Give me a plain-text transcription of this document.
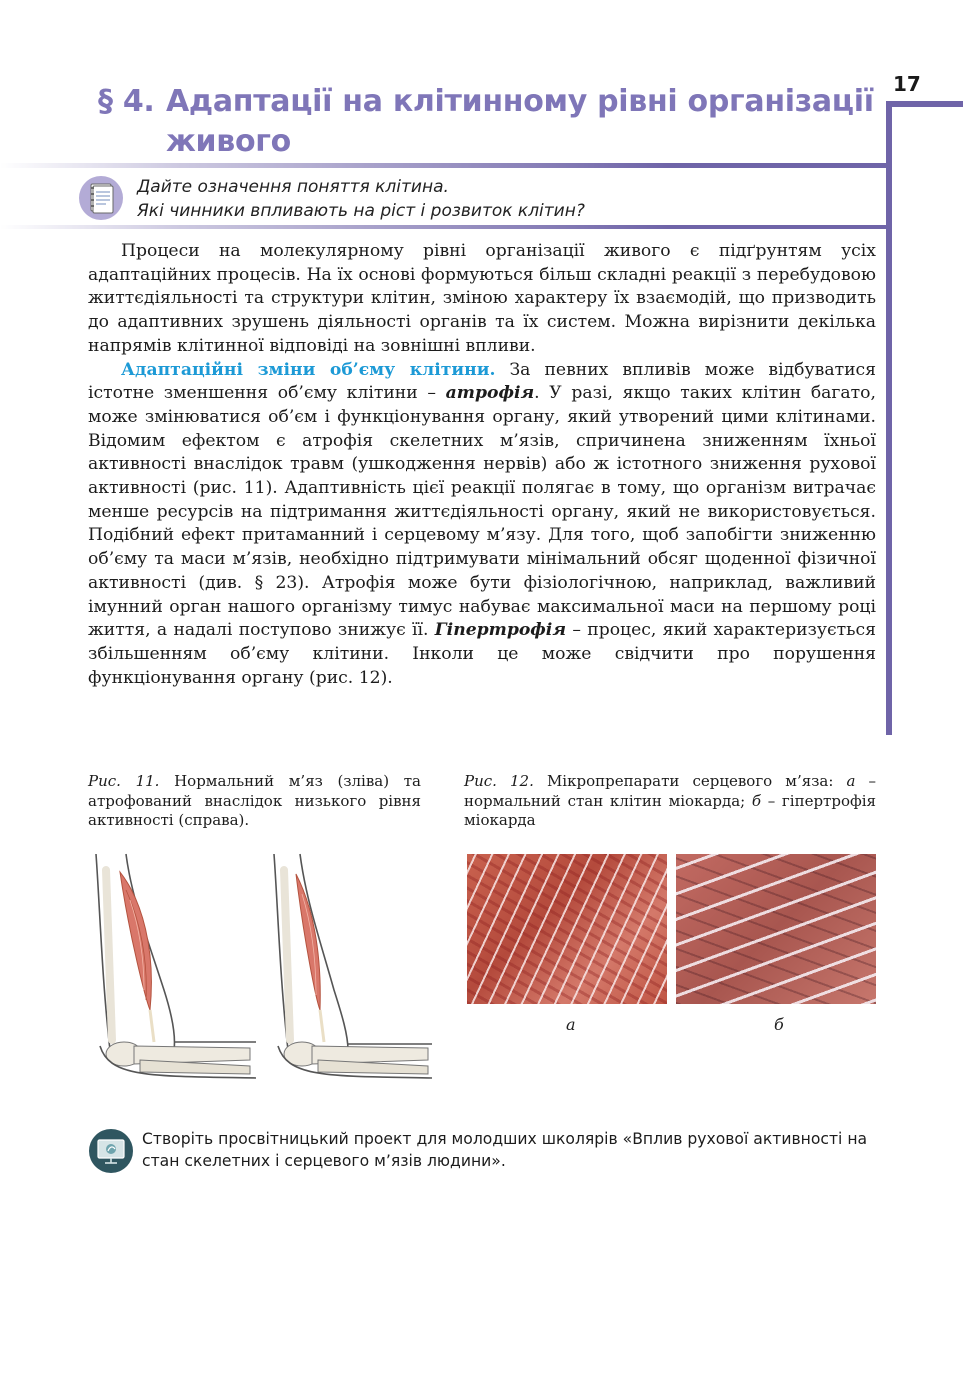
17
§ 4. Адаптації на клітинному рівні організації
живого
Дайте означення поняття клітина.
Які чинники впливають на ріст і розвиток клітин?

Процеси на молекулярному рівні організації живого є підґрунтям усіх адаптаційних процесів. На їх основі формуються більш складні реакції з перебудовою життєдіяльності та структури клітин, зміною характеру їх взаємодій, що призводить до адаптивних зрушень діяльності органів та їх систем. Можна вирізнити декілька напрямів клітинної відповіді на зовнішні впливи.

Адаптаційні зміни об’єму клітини. За певних впливів може відбуватися істотне зменшення об’єму клітини – атрофія. У разі, якщо таких клітин багато, може змінюватися об’єм і функціонування органу, який утворений цими клітинами. Відомим ефектом є атрофія скелетних м’язів, спричинена зниженням їхньої активності внаслідок травм (ушкодження нервів) або ж істотного зниження рухової активності (рис. 11). Адаптивність цієї реакції полягає в тому, що організм витрачає менше ресурсів на підтримання життєдіяльності органу, який не використовується. Подібний ефект притаманний і серцевому м’язу. Для того, щоб запобігти зниженню об’єму та маси м’язів, необхідно підтримувати мінімальний обсяг щоденної фізичної активності (див. § 23). Атрофія може бути фізіологічною, наприклад, важливий імунний орган нашого організму тимус набуває максимальної маси на першому році життя, а надалі поступово знижує її. Гіпертрофія – процес, який характеризується збільшенням об’єму клітини. Інколи це може свідчити про порушення функціонування органу (рис. 12).

Рис. 11. Нормальний м’яз (зліва) та атрофований внаслідок низького рівня активності (справа).
Рис. 12. Мікропрепарати серцевого м’яза: а – нормальний стан клітин міокарда; б – гіпертрофія міокарда
а	б
Створіть просвітницький проект для молодших школярів «Вплив рухової активності на стан скелетних і серцевого м’язів людини».
